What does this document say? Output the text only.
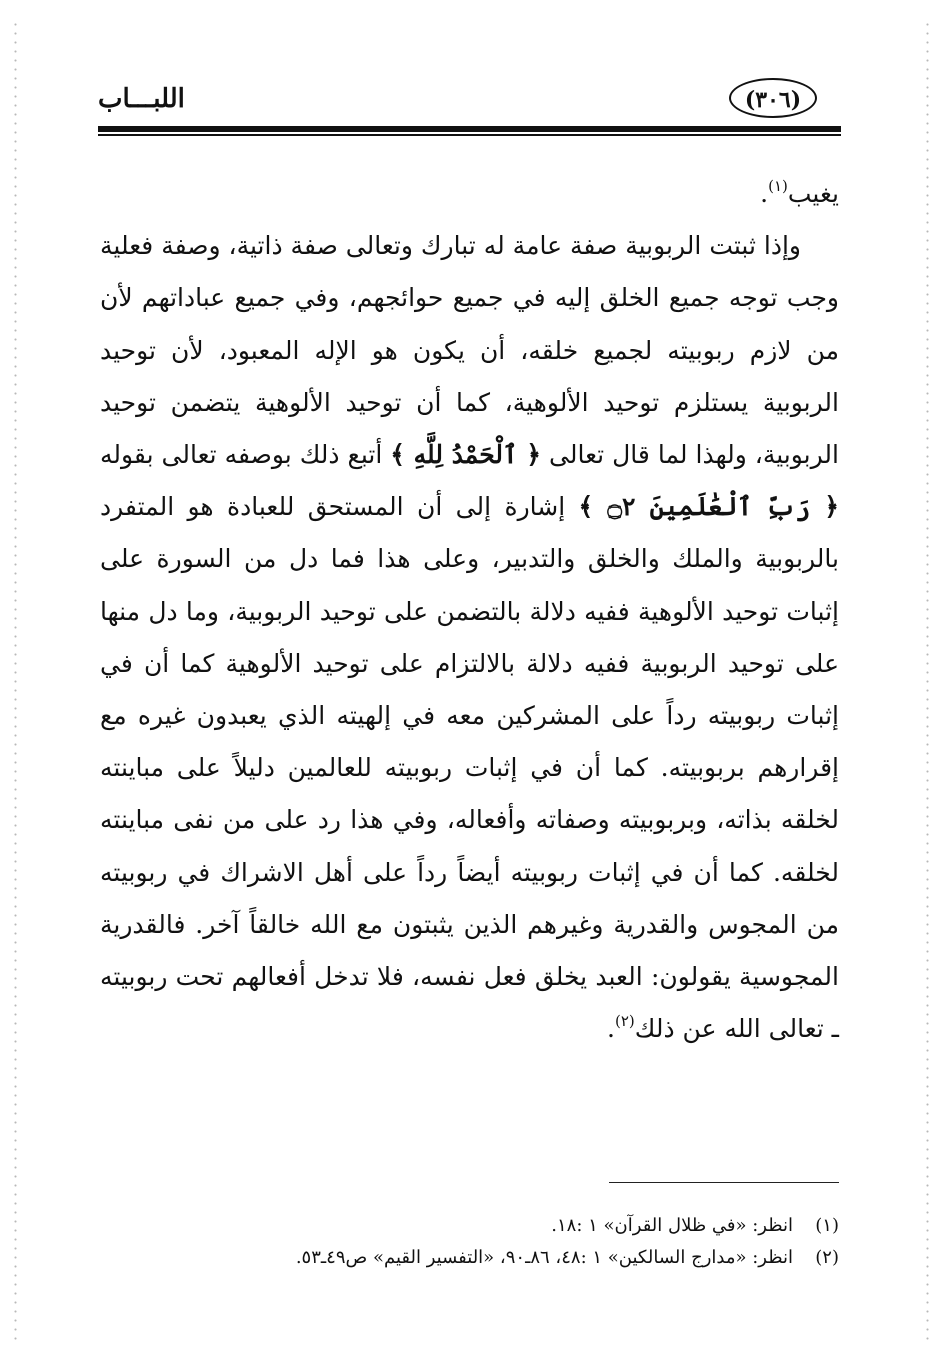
اللبـــاب	(٣٠٦)

يغيب$^{(١)}$.

وإذا ثبتت الربوبية صفة عامة له تبارك وتعالى صفة ذاتية، وصفة فعلية وجب توجه جميع الخلق إليه في جميع حوائجهم، وفي جميع عباداتهم لأن من لازم ربوبيته لجميع خلقه، أن يكون هو الإله المعبود، لأن توحيد الربوبية يستلزم توحيد الألوهية، كما أن توحيد الألوهية يتضمن توحيد الربوبية، ولهذا لما قال تعالى ﴿ ٱلْحَمْدُ لِلَّهِ ﴾ أتبع ذلك بوصفه تعالى بقوله ﴿ رَبِّ ٱلْعَٰلَمِينَ ۝٢ ﴾ إشارة إلى أن المستحق للعبادة هو المتفرد بالربوبية والملك والخلق والتدبير، وعلى هذا فما دل من السورة على إثبات توحيد الألوهية ففيه دلالة بالتضمن على توحيد الربوبية، وما دل منها على توحيد الربوبية ففيه دلالة بالالتزام على توحيد الألوهية كما أن في إثبات ربوبيته رداً على المشركين معه في إلهيته الذي يعبدون غيره مع إقرارهم بربوبيته. كما أن في إثبات ربوبيته للعالمين دليلاً على مباينته لخلقه بذاته، وبربوبيته وصفاته وأفعاله، وفي هذا رد على من نفى مباينته لخلقه. كما أن في إثبات ربوبيته أيضاً رداً على أهل الاشراك في ربوبيته من المجوس والقدرية وغيرهم الذين يثبتون مع الله خالقاً آخر. فالقدرية المجوسية يقولون: العبد يخلق فعل نفسه، فلا تدخل أفعالهم تحت ربوبيته ـ تعالى الله عن ذلك$^{(٢)}$.

(١)انظر: «في ظلال القرآن» ١ :١٨.
(٢)انظر: «مدارج السالكين» ١ :٤٨، ٨٦ـ٩٠، «التفسير القيم» ص٤٩ـ٥٣.
